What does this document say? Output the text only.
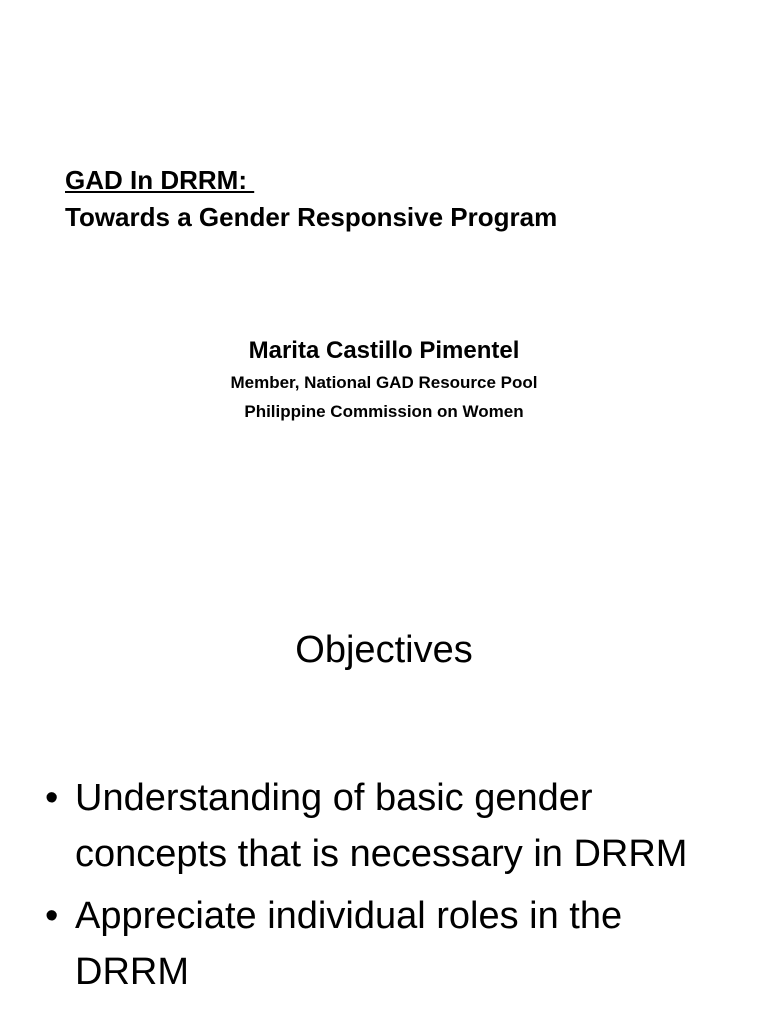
GAD In DRRM:
Towards a Gender Responsive Program
Marita Castillo Pimentel
Member, National GAD Resource Pool
Philippine Commission on Women
Objectives
• Understanding of basic gender concepts that is necessary in DRRM
• Appreciate individual roles in the DRRM
